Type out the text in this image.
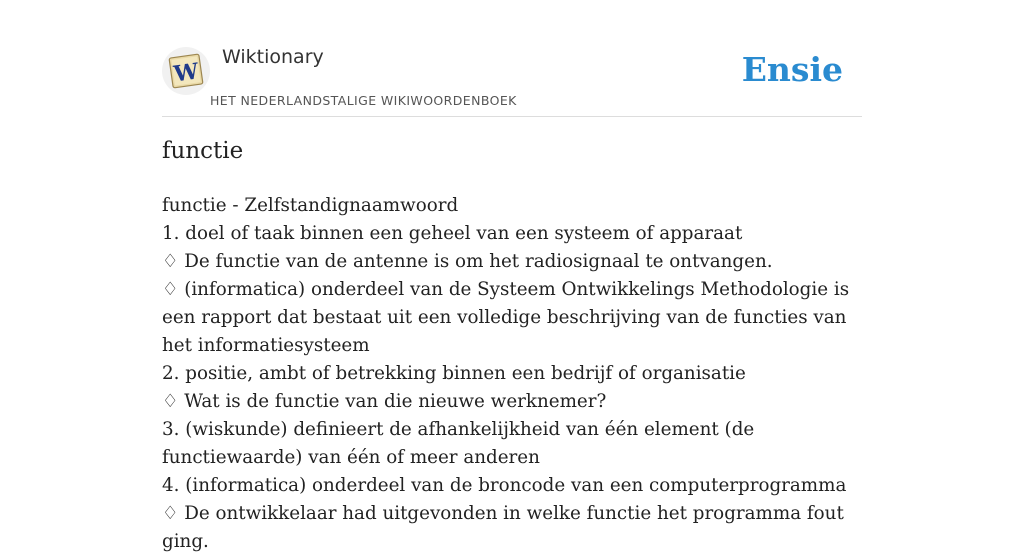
W
Wiktionary
HET NEDERLANDSTALIGE WIKIWOORDENBOEK
Ensie
functie
functie - Zelfstandignaamwoord
1. doel of taak binnen een geheel van een systeem of apparaat
♢ De functie van de antenne is om het radiosignaal te ontvangen.
♢ (informatica) onderdeel van de Systeem Ontwikkelings Methodologie is een rapport dat bestaat uit een volledige beschrijving van de functies van het informatiesysteem
2. positie, ambt of betrekking binnen een bedrijf of organisatie
♢ Wat is de functie van die nieuwe werknemer?
3. (wiskunde) definieert de afhankelijkheid van één element (de functiewaarde) van één of meer anderen
4. (informatica) onderdeel van de broncode van een computerprogramma
♢ De ontwikkelaar had uitgevonden in welke functie het programma fout ging.
